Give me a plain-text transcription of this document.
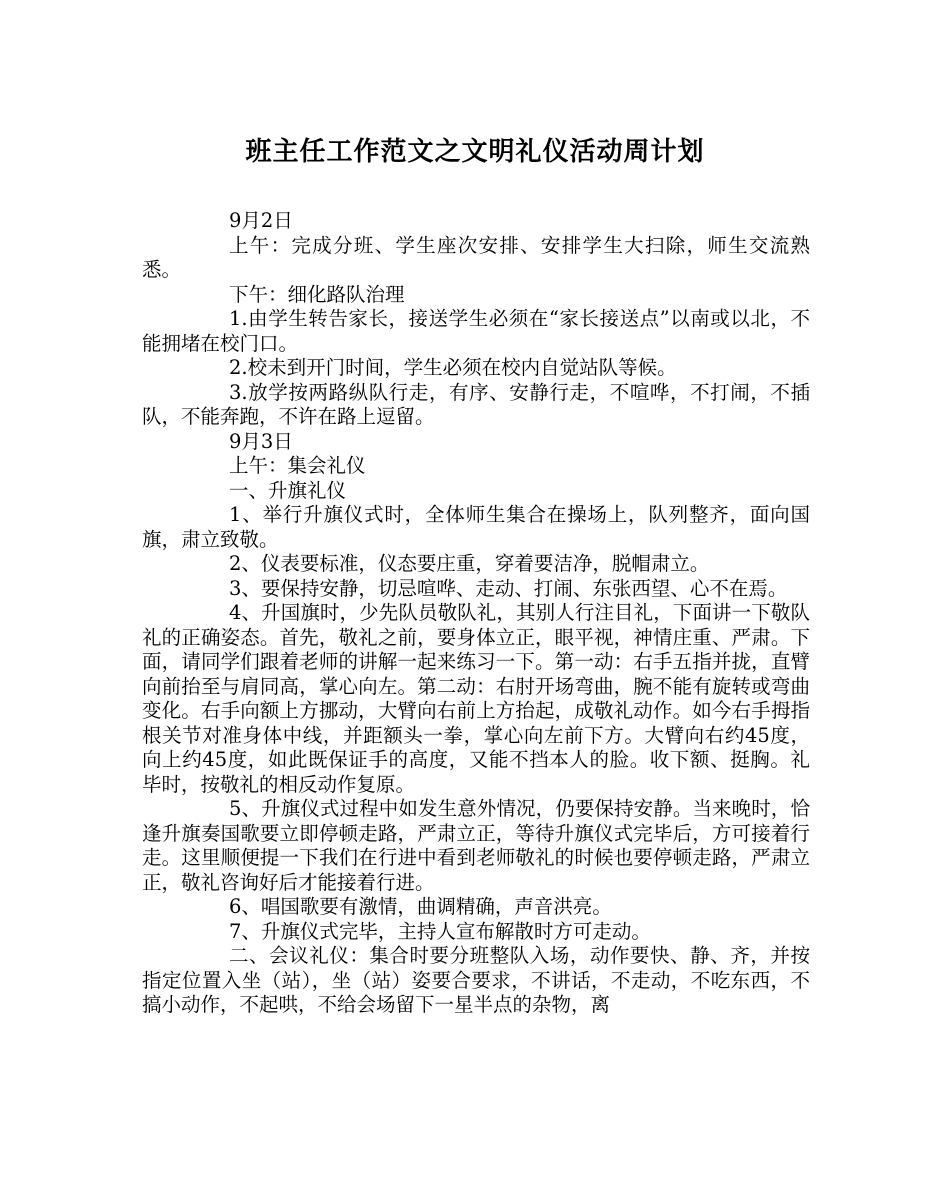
班主任工作范文之文明礼仪活动周计划

9月2日

上午：完成分班、学生座次安排、安排学生大扫除，师生交流熟悉。

下午：细化路队治理

1.由学生转告家长，接送学生必须在“家长接送点”以南或以北，不能拥堵在校门口。

2.校未到开门时间，学生必须在校内自觉站队等候。

3.放学按两路纵队行走，有序、安静行走，不喧哗，不打闹，不插队，不能奔跑，不许在路上逗留。

9月3日

上午：集会礼仪

一、升旗礼仪

1、举行升旗仪式时，全体师生集合在操场上，队列整齐，面向国旗，肃立致敬。

2、仪表要标准，仪态要庄重，穿着要洁净，脱帽肃立。

3、要保持安静，切忌喧哗、走动、打闹、东张西望、心不在焉。

4、升国旗时，少先队员敬队礼，其别人行注目礼，下面讲一下敬队礼的正确姿态。首先，敬礼之前，要身体立正，眼平视，神情庄重、严肃。下面，请同学们跟着老师的讲解一起来练习一下。第一动：右手五指并拢，直臂向前抬至与肩同高，掌心向左。第二动：右肘开场弯曲，腕不能有旋转或弯曲变化。右手向额上方挪动，大臂向右前上方抬起，成敬礼动作。如今右手拇指根关节对准身体中线，并距额头一拳，掌心向左前下方。大臂向右约45度，向上约45度，如此既保证手的高度，又能不挡本人的脸。收下额、挺胸。礼毕时，按敬礼的相反动作复原。

5、升旗仪式过程中如发生意外情况，仍要保持安静。当来晚时，恰逢升旗奏国歌要立即停顿走路，严肃立正，等待升旗仪式完毕后，方可接着行走。这里顺便提一下我们在行进中看到老师敬礼的时候也要停顿走路，严肃立正，敬礼咨询好后才能接着行进。

6、唱国歌要有激情，曲调精确，声音洪亮。

7、升旗仪式完毕，主持人宣布解散时方可走动。

二、会议礼仪：集合时要分班整队入场，动作要快、静、齐，并按指定位置入坐（站），坐（站）姿要合要求，不讲话，不走动，不吃东西，不搞小动作，不起哄，不给会场留下一星半点的杂物，离
